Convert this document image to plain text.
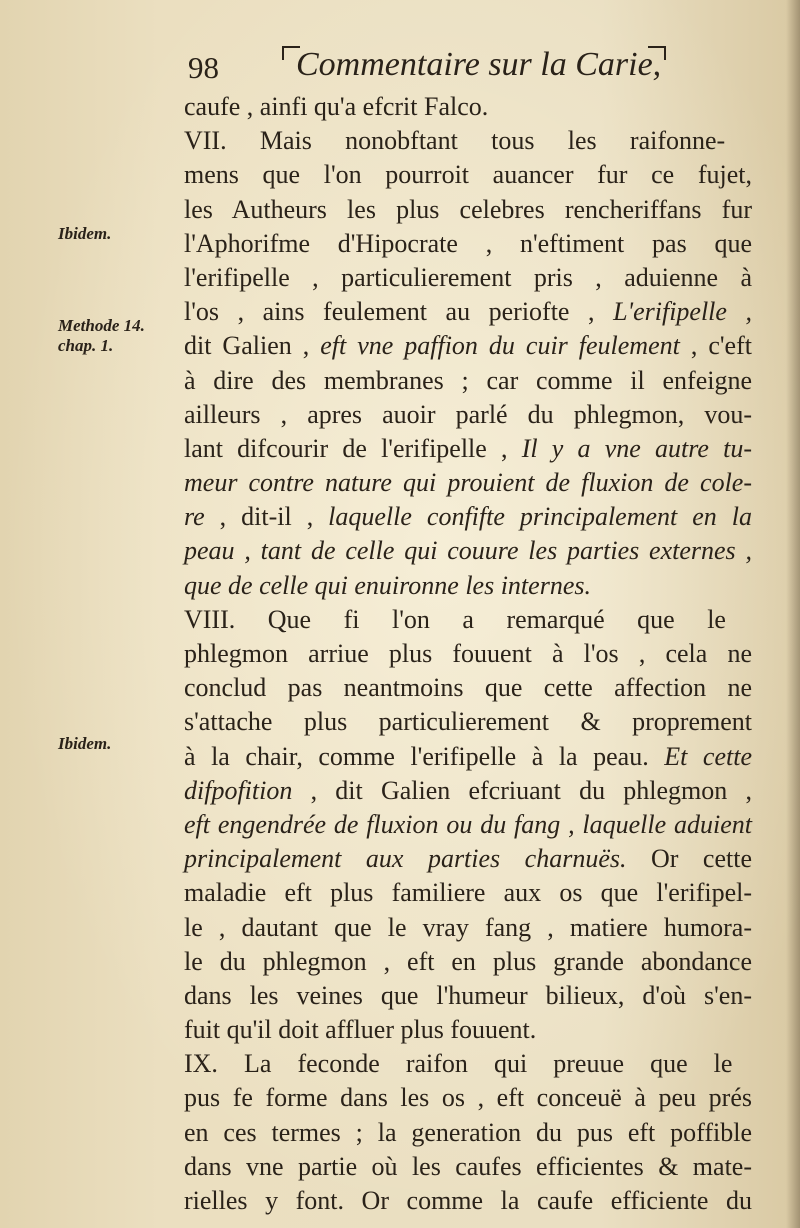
98 Commentaire sur la Carie,
Ibidem.
Methode 14.
chap. 1.
Ibidem.
caufe , ainfi qu'a efcrit Falco.
VII. Mais nonobftant tous les raifonne-
mens que l'on pourroit auancer fur ce fujet,
les Autheurs les plus celebres rencheriffans fur
l'Aphorifme d'Hipocrate , n'eftiment pas que
l'erifipelle , particulierement pris , aduienne à
l'os , ains feulement au periofte , L'erifipelle ,
dit Galien , eft vne paffion du cuir feulement , c'eft
à dire des membranes ; car comme il enfeigne
ailleurs , apres auoir parlé du phlegmon, vou-
lant difcourir de l'erifipelle , Il y a vne autre tu-
meur contre nature qui prouient de fluxion de cole-
re , dit-il , laquelle confifte principalement en la
peau , tant de celle qui couure les parties externes ,
que de celle qui enuironne les internes.
VIII. Que fi l'on a remarqué que le
phlegmon arriue plus fouuent à l'os , cela ne
conclud pas neantmoins que cette affection ne
s'attache plus particulierement & proprement
à la chair, comme l'erifipelle à la peau. Et cette
difpofition , dit Galien efcriuant du phlegmon ,
eft engendrée de fluxion ou du fang , laquelle aduient
principalement aux parties charnuës. Or cette
maladie eft plus familiere aux os que l'erifipel-
le , dautant que le vray fang , matiere humora-
le du phlegmon , eft en plus grande abondance
dans les veines que l'humeur bilieux, d'où s'en-
fuit qu'il doit affluer plus fouuent.
IX. La feconde raifon qui preuue que le
pus fe forme dans les os , eft conceuë à peu prés
en ces termes ; la generation du pus eft poffible
dans vne partie où les caufes efficientes & mate-
rielles y font. Or comme la caufe efficiente du
